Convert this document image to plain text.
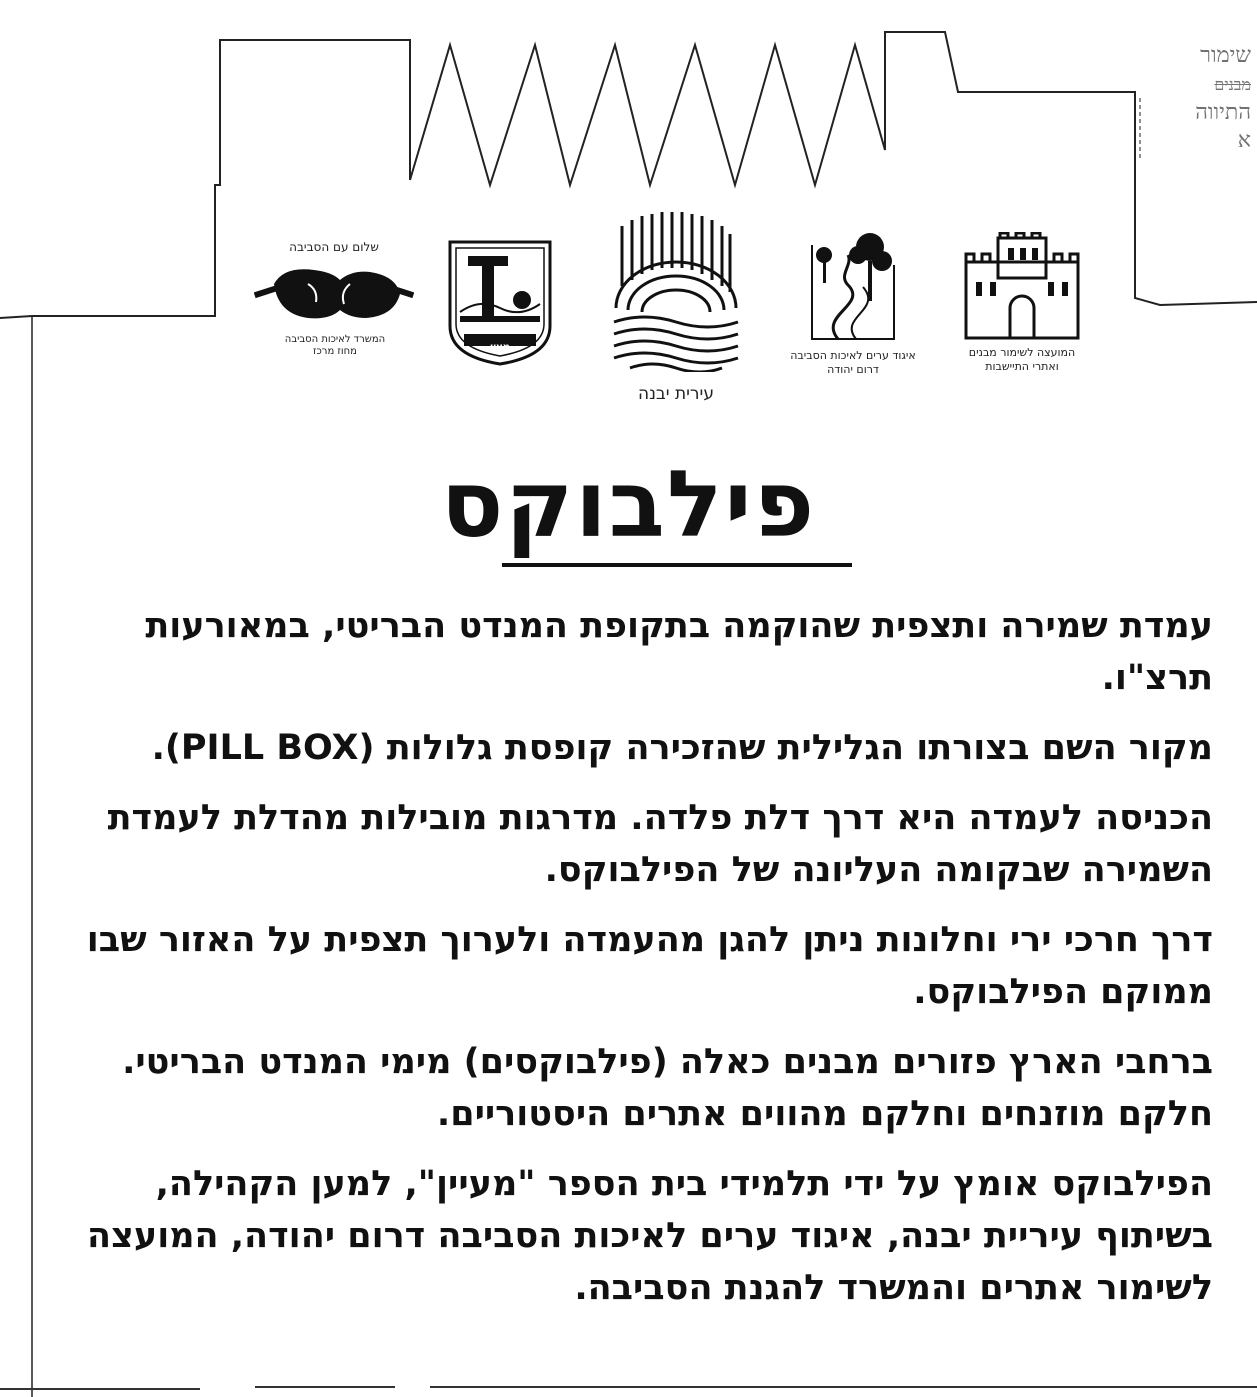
שימור
מבנים
התיווה
א
המועצה לשימור מבנים
ואתרי התיישבות
איגוד ערים לאיכות הסביבה
דרום יהודה
עירית יבנה
מעין
שלום עם הסביבה
המשרד לאיכות הסביבה
מחוז מרכז
פילבוקס

עמדת שמירה ותצפית שהוקמה בתקופת המנדט הבריטי, במאורעות תרצ"ו.

מקור השם בצורתו הגלילית שהזכירה קופסת גלולות (PILL BOX).

הכניסה לעמדה היא דרך דלת פלדה. מדרגות מובילות מהדלת לעמדת השמירה שבקומה העליונה של הפילבוקס.

דרך חרכי ירי וחלונות ניתן להגן מהעמדה ולערוך תצפית על האזור שבו ממוקם הפילבוקס.

ברחבי הארץ פזורים מבנים כאלה (פילבוקסים) מימי המנדט הבריטי. חלקם מוזנחים וחלקם מהווים אתרים היסטוריים.

הפילבוקס אומץ על ידי תלמידי בית הספר "מעיין", למען הקהילה, בשיתוף עיריית יבנה, איגוד ערים לאיכות הסביבה דרום יהודה, המועצה לשימור אתרים והמשרד להגנת הסביבה.
